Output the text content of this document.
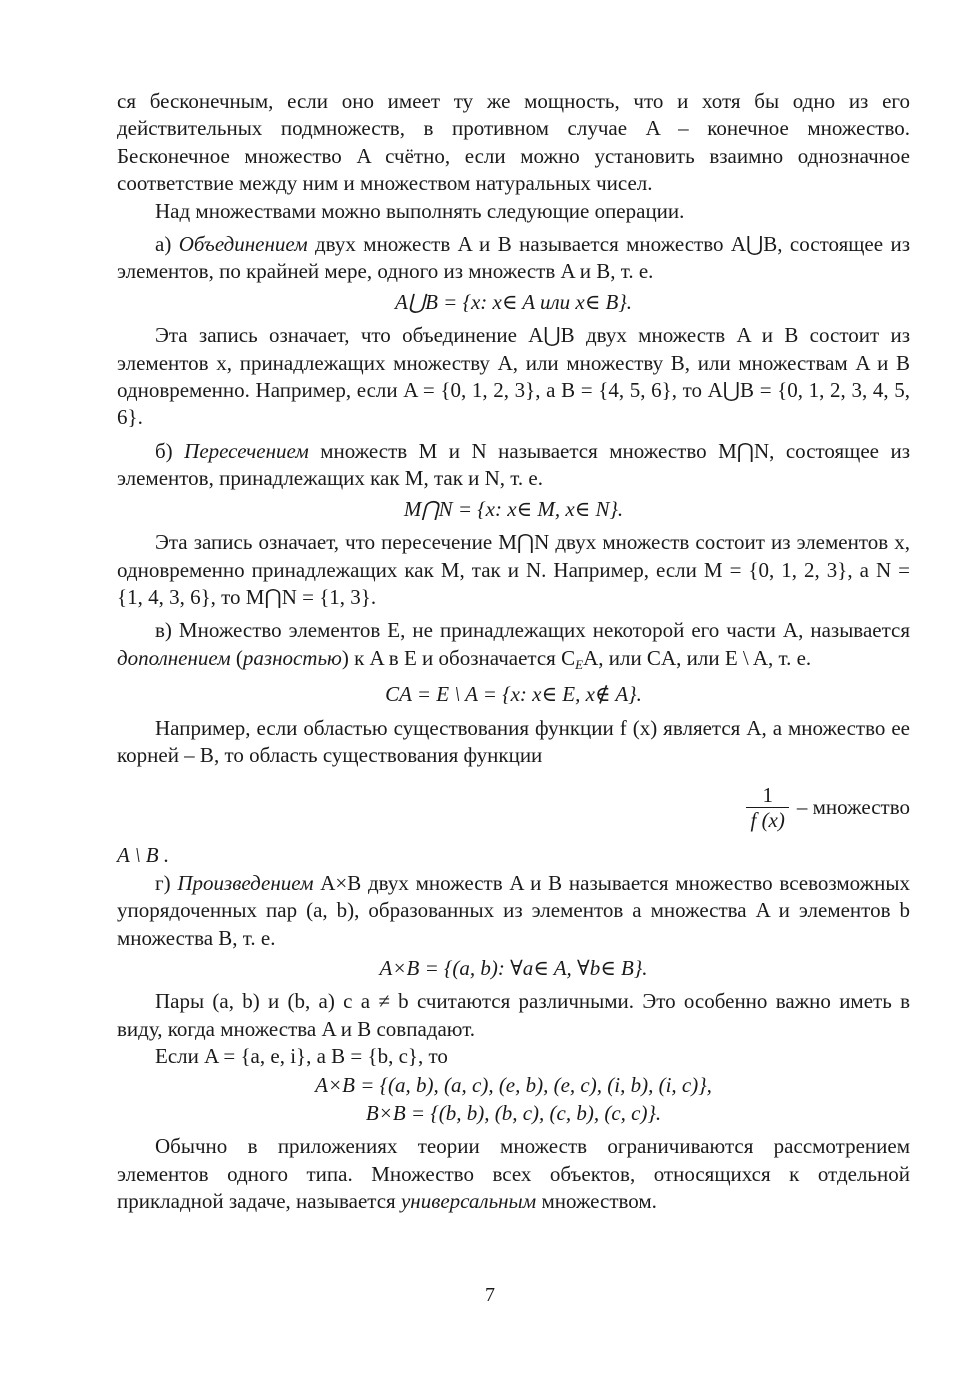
ся бесконечным, если оно имеет ту же мощность, что и хотя бы одно из его действительных подмножеств, в противном случае A – конечное множество. Бесконечное множество A счётно, если можно установить взаимно однозначное соответствие между ним и множеством натуральных чисел.

Над множествами можно выполнять следующие операции.

а) Объединением двух множеств A и B называется множество A⋃B, состоящее из элементов, по крайней мере, одного из множеств A и B, т. е.

A⋃B = {x: x∈ A или x∈ B}.

Эта запись означает, что объединение A⋃B двух множеств A и B состоит из элементов x, принадлежащих множеству A, или множеству B, или множествам A и B одновременно. Например, если A = {0, 1, 2, 3}, а B = {4, 5, 6}, то A⋃B = {0, 1, 2, 3, 4, 5, 6}.

б) Пересечением множеств M и N называется множество M⋂N, состоящее из элементов, принадлежащих как M, так и N, т. е.

M⋂N = {x: x∈ M, x∈ N}.

Эта запись означает, что пересечение M⋂N двух множеств состоит из элементов x, одновременно принадлежащих как M, так и N. Например, если M = {0, 1, 2, 3}, а N = {1, 4, 3, 6}, то M⋂N = {1, 3}.

в) Множество элементов E, не принадлежащих некоторой его части A, называется дополнением (разностью) к A в E и обозначается $C_EA$, или CA, или E \ A, т. е.

CA = E \ A = {x: x∈ E, x∉ A}.

Например, если областью существования функции f (x) является A, а множество ее корней – B, то область существования функции

$\frac{1}{f (x)}$ – множество

A \ B .

г) Произведением A×B двух множеств A и B называется множество всевозможных упорядоченных пар (a, b), образованных из элементов a множества A и элементов b множества B, т. е.

A×B = {(a, b): ∀a∈ A, ∀b∈ B}.

Пары (a, b) и (b, a) с a ≠ b считаются различными. Это особенно важно иметь в виду, когда множества A и B совпадают.

Если A = {a, e, i}, а B = {b, c}, то

A×B = {(a, b), (a, c), (e, b), (e, c), (i, b), (i, c)},
B×B = {(b, b), (b, c), (c, b), (c, c)}.

Обычно в приложениях теории множеств ограничиваются рассмотрением элементов одного типа. Множество всех объектов, относящихся к отдельной прикладной задаче, называется универсальным множеством.

7
